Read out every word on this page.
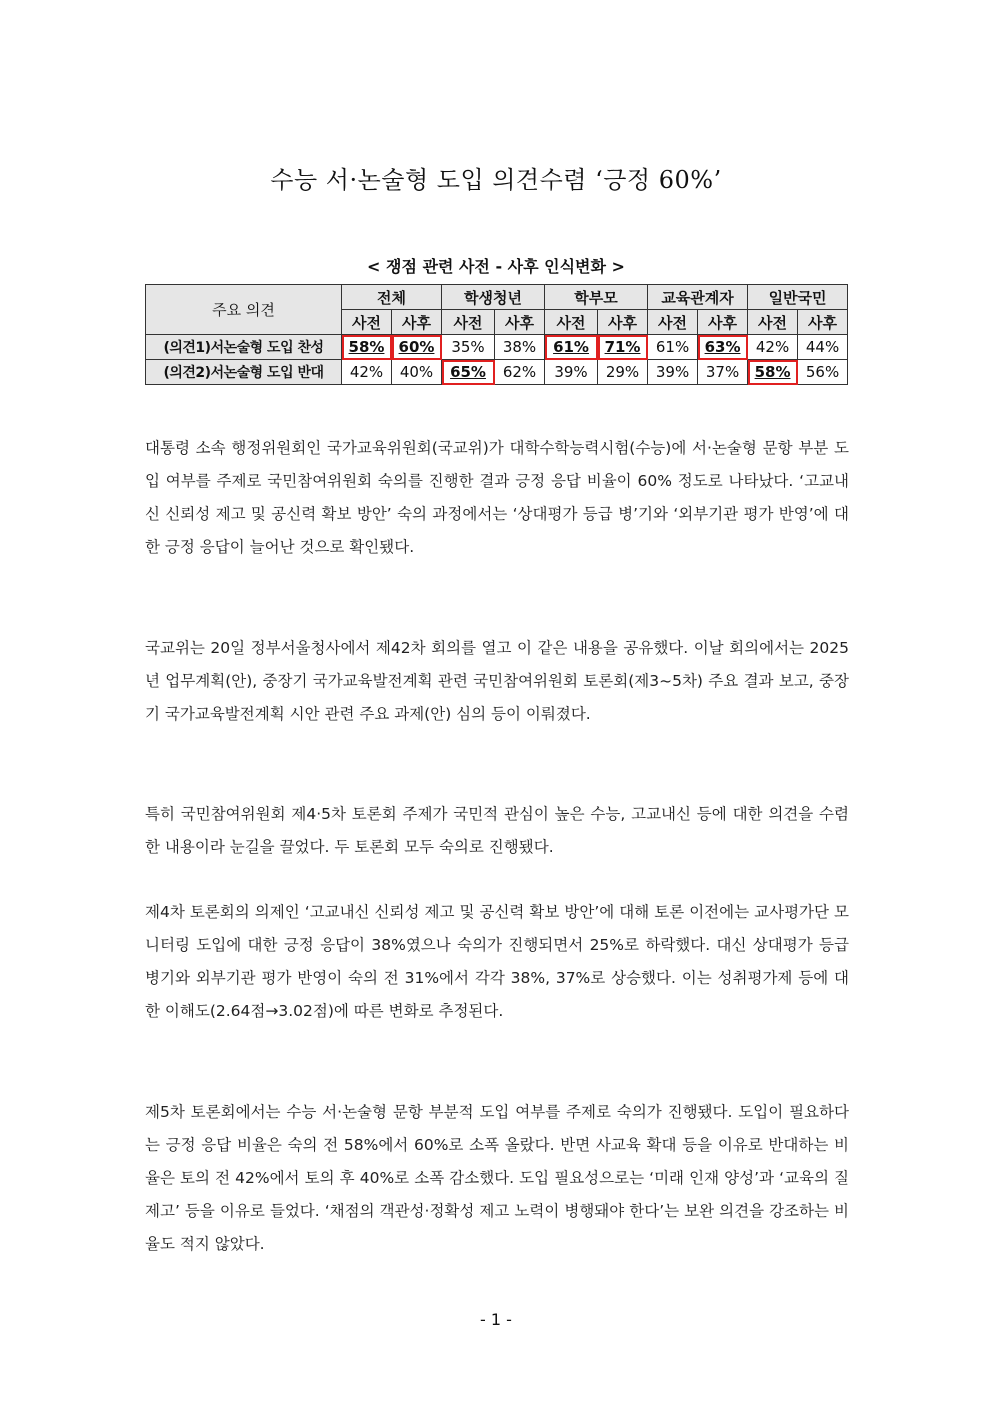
수능 서·논술형 도입 의견수렴 ‘긍정 60%’

< 쟁점 관련 사전 - 사후 인식변화 >

주요 의견	전체		학생청년		학부모		교육관계자		일반국민	
	사전	사후	사전	사후	사전	사후	사전	사후	사전	사후
(의견1)서논술형 도입 찬성	58%	60%	35%	38%	61%	71%	61%	63%	42%	44%
(의견2)서논술형 도입 반대	42%	40%	65%	62%	39%	29%	39%	37%	58%	56%

대통령 소속 행정위원회인 국가교육위원회(국교위)가 대학수학능력시험(수능)에 서·논술형 문항 부분 도입 여부를 주제로 국민참여위원회 숙의를 진행한 결과 긍정 응답 비율이 60% 정도로 나타났다. ‘고교내신 신뢰성 제고 및 공신력 확보 방안’ 숙의 과정에서는 ‘상대평가 등급 병’기와 ‘외부기관 평가 반영’에 대한 긍정 응답이 늘어난 것으로 확인됐다.

국교위는 20일 정부서울청사에서 제42차 회의를 열고 이 같은 내용을 공유했다. 이날 회의에서는 2025년 업무계획(안), 중장기 국가교육발전계획 관련 국민참여위원회 토론회(제3~5차) 주요 결과 보고, 중장기 국가교육발전계획 시안 관련 주요 과제(안) 심의 등이 이뤄졌다.

특히 국민참여위원회 제4·5차 토론회 주제가 국민적 관심이 높은 수능, 고교내신 등에 대한 의견을 수렴한 내용이라 눈길을 끌었다. 두 토론회 모두 숙의로 진행됐다.

제4차 토론회의 의제인 ‘고교내신 신뢰성 제고 및 공신력 확보 방안’에 대해 토론 이전에는 교사평가단 모니터링 도입에 대한 긍정 응답이 38%였으나 숙의가 진행되면서 25%로 하락했다. 대신 상대평가 등급 병기와 외부기관 평가 반영이 숙의 전 31%에서 각각 38%, 37%로 상승했다. 이는 성취평가제 등에 대한 이해도(2.64점→3.02점)에 따른 변화로 추정된다.

제5차 토론회에서는 수능 서·논술형 문항 부분적 도입 여부를 주제로 숙의가 진행됐다. 도입이 필요하다는 긍정 응답 비율은 숙의 전 58%에서 60%로 소폭 올랐다. 반면 사교육 확대 등을 이유로 반대하는 비율은 토의 전 42%에서 토의 후 40%로 소폭 감소했다. 도입 필요성으로는 ‘미래 인재 양성’과 ‘교육의 질 제고’ 등을 이유로 들었다. ‘채점의 객관성·정확성 제고 노력이 병행돼야 한다’는 보완 의견을 강조하는 비율도 적지 않았다.

- 1 -
